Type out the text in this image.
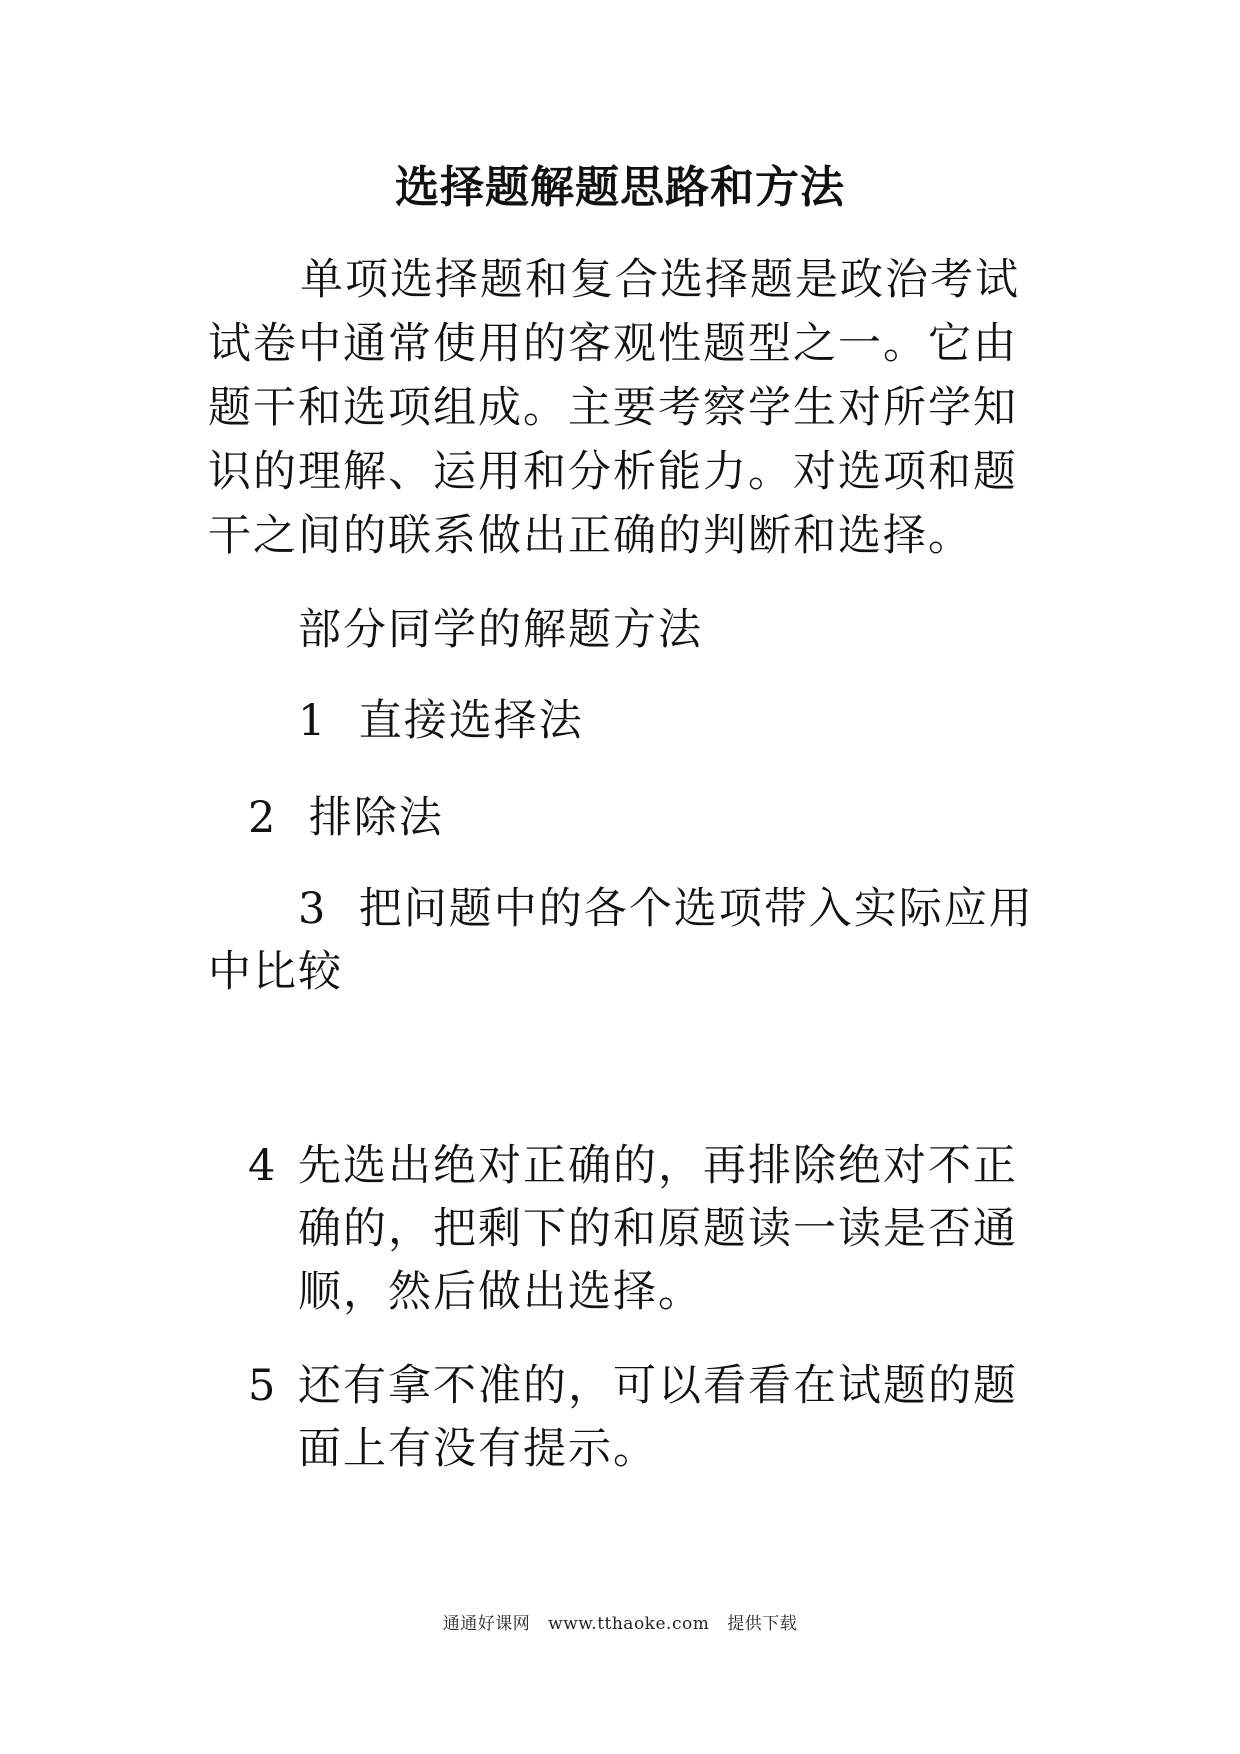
选择题解题思路和方法
单项选择题和复合选择题是政治考试试卷中通常使用的客观性题型之一。它由题干和选项组成。主要考察学生对所学知识的理解、运用和分析能力。对选项和题干之间的联系做出正确的判断和选择。
部分同学的解题方法
1 直接选择法
2 排除法
3 把问题中的各个选项带入实际应用中比较
4 先选出绝对正确的，再排除绝对不正确的，把剩下的和原题读一读是否通顺，然后做出选择。
5 还有拿不准的，可以看看在试题的题面上有没有提示。
通通好课网 www.tthaoke.com 提供下载
